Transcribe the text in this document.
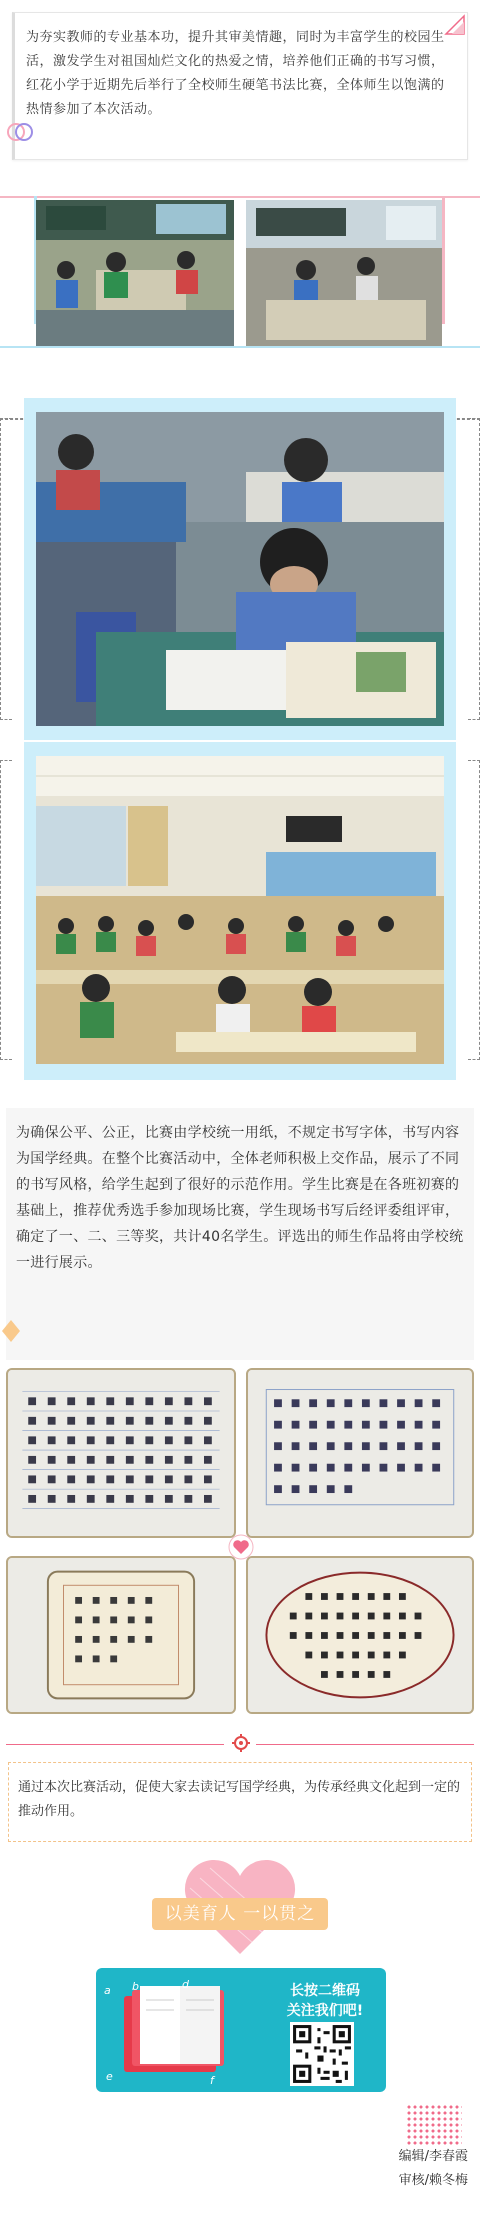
为夯实教师的专业基本功，提升其审美情趣，同时为丰富学生的校园生活，激发学生对祖国灿烂文化的热爱之情，培养他们正确的书写习惯，红花小学于近期先后举行了全校师生硬笔书法比赛，全体师生以饱满的热情参加了本次活动。
为确保公平、公正，比赛由学校统一用纸，不规定书写字体，书写内容为国学经典。在整个比赛活动中，全体老师积极上交作品，展示了不同的书写风格，给学生起到了很好的示范作用。学生比赛是在各班初赛的基础上，推荐优秀选手参加现场比赛，学生现场书写后经评委组评审，确定了一、二、三等奖，共计40名学生。评选出的师生作品将由学校统一进行展示。
通过本次比赛活动，促使大家去读记写国学经典，为传承经典文化起到一定的推动作用。
以美育人 一以贯之
a b
c
d
e	f
长按二维码
关注我们吧!
编辑/李春霞
审核/赖冬梅
